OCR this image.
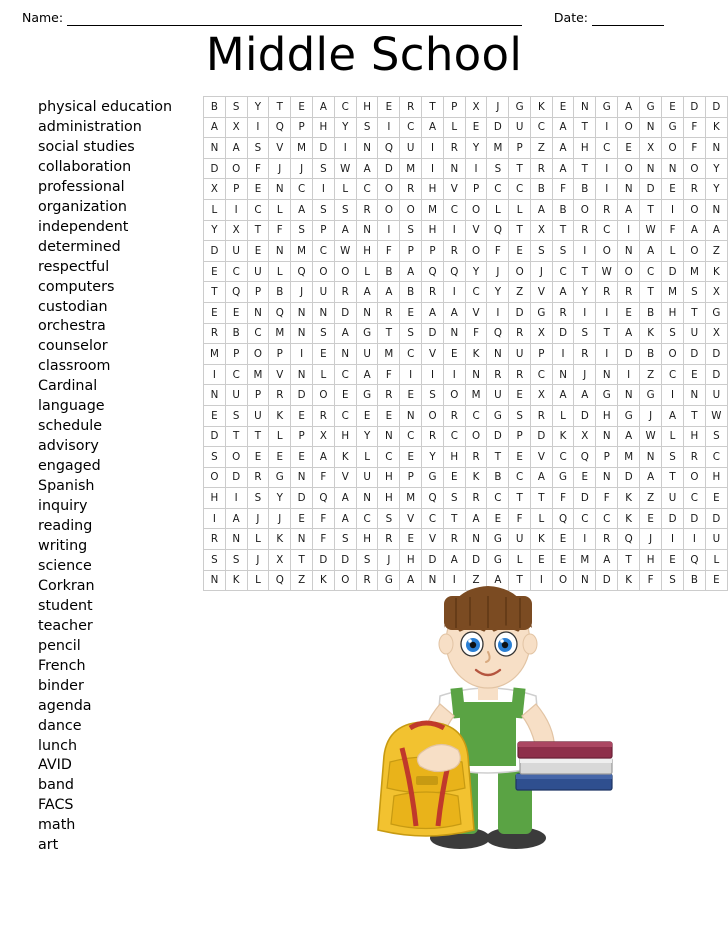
Name:	Date:
Middle School
physical education
administration
social studies
collaboration
professional
organization
independent
determined
respectful
computers
custodian
orchestra
counselor
classroom
Cardinal
language
schedule
advisory
engaged
Spanish
inquiry
reading
writing
science
Corkran
student
teacher
pencil
French
binder
agenda
dance
lunch
AVID
band
FACS
math
art
B	S	Y	T	E	A	C	H	E	R	T	P	X	J	G	K	E	N	G	A	G	E	D	D
A	X	I	Q	P	H	Y	S	I	C	A	L	E	D	U	C	A	T	I	O	N	G	F	K
N	A	S	V	M	D	I	N	Q	U	I	R	Y	M	P	Z	A	H	C	E	X	O	F	N
D	O	F	J	J	S	W	A	D	M	I	N	I	S	T	R	A	T	I	O	N	N	O	Y
X	P	E	N	C	I	L	C	O	R	H	V	P	C	C	B	F	B	I	N	D	E	R	Y
L	I	C	L	A	S	S	R	O	O	M	C	O	L	L	A	B	O	R	A	T	I	O	N
Y	X	T	F	S	P	A	N	I	S	H	I	V	Q	T	X	T	R	C	I	W	F	A	A
D	U	E	N	M	C	W	H	F	P	P	R	O	F	E	S	S	I	O	N	A	L	O	Z
E	C	U	L	Q	O	O	L	B	A	Q	Q	Y	J	O	J	C	T	W	O	C	D	M	K
T	Q	P	B	J	U	R	A	A	B	R	I	C	Y	Z	V	A	Y	R	R	T	M	S	X
E	E	N	Q	N	N	D	N	R	E	A	A	V	I	D	G	R	I	I	E	B	H	T	G
R	B	C	M	N	S	A	G	T	S	D	N	F	Q	R	X	D	S	T	A	K	S	U	X
M	P	O	P	I	E	N	U	M	C	V	E	K	N	U	P	I	R	I	D	B	O	D	D
I	C	M	V	N	L	C	A	F	I	I	I	N	R	R	C	N	J	N	I	Z	C	E	D
N	U	P	R	D	O	E	G	R	E	S	O	M	U	E	X	A	A	G	N	G	I	N	U
E	S	U	K	E	R	C	E	E	N	O	R	C	G	S	R	L	D	H	G	J	A	T	W
D	T	T	L	P	X	H	Y	N	C	R	C	O	D	P	D	K	X	N	A	W	L	H	S
S	O	E	E	E	A	K	L	C	E	Y	H	R	T	E	V	C	Q	P	M	N	S	R	C
O	D	R	G	N	F	V	U	H	P	G	E	K	B	C	A	G	E	N	D	A	T	O	H
H	I	S	Y	D	Q	A	N	H	M	Q	S	R	C	T	T	F	D	F	K	Z	U	C	E
I	A	J	J	E	F	A	C	S	V	C	T	A	E	F	L	Q	C	C	K	E	D	D	D
R	N	L	K	N	F	S	H	R	E	V	R	N	G	U	K	E	I	R	Q	J	I	I	U
S	S	J	X	T	D	D	S	J	H	D	A	D	G	L	E	E	M	A	T	H	E	Q	L
N	K	L	Q	Z	K	O	R	G	A	N	I	Z	A	T	I	O	N	D	K	F	S	B	E
